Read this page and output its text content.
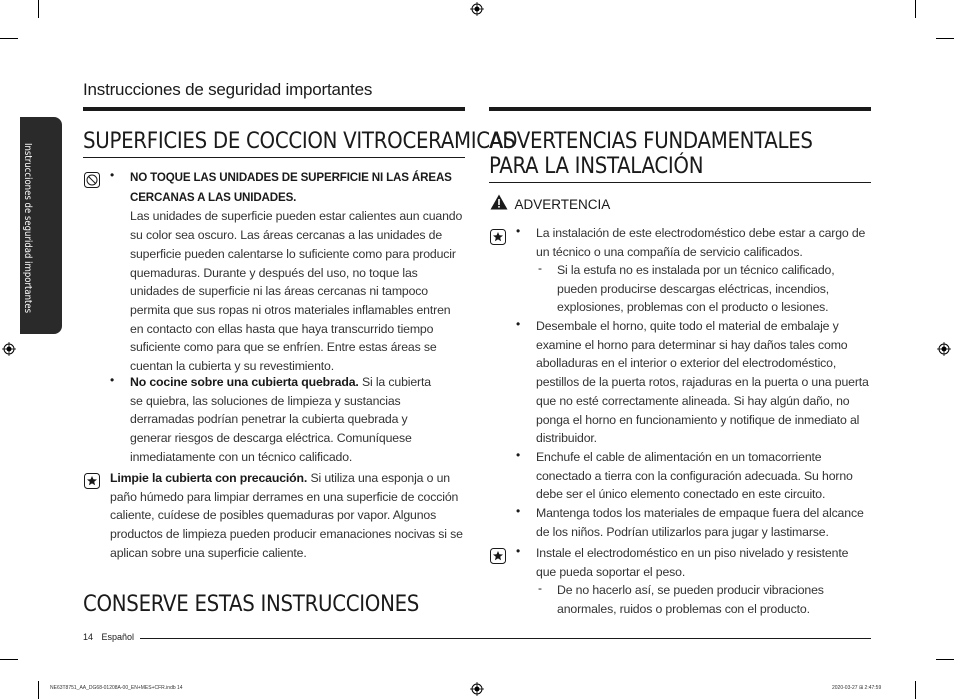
Instrucciones de seguridad importantes
Instrucciones de seguridad importantes
SUPERFICIES DE COCCION VITROCERAMICAS
• NO TOQUE LAS UNIDADES DE SUPERFICIE NI LAS ÁREAS CERCANAS A LAS UNIDADES.
Las unidades de superficie pueden estar calientes aun cuando su color sea oscuro. Las áreas cercanas a las unidades de superficie pueden calentarse lo suficiente como para producir quemaduras. Durante y después del uso, no toque las unidades de superficie ni las áreas cercanas ni tampoco permita que sus ropas ni otros materiales inflamables entren en contacto con ellas hasta que haya transcurrido tiempo suficiente como para que se enfríen. Entre estas áreas se cuentan la cubierta y su revestimiento.
• No cocine sobre una cubierta quebrada. Si la cubierta se quiebra, las soluciones de limpieza y sustancias derramadas podrían penetrar la cubierta quebrada y generar riesgos de descarga eléctrica. Comuníquese inmediatamente con un técnico calificado.
Limpie la cubierta con precaución. Si utiliza una esponja o un paño húmedo para limpiar derrames en una superficie de cocción caliente, cuídese de posibles quemaduras por vapor. Algunos productos de limpieza pueden producir emanaciones nocivas si se aplican sobre una superficie caliente.
CONSERVE ESTAS INSTRUCCIONES
ADVERTENCIAS FUNDAMENTALES
PARA LA INSTALACIÓN
ADVERTENCIA
• La instalación de este electrodoméstico debe estar a cargo de un técnico o una compañía de servicio calificados.
- Si la estufa no es instalada por un técnico calificado, pueden producirse descargas eléctricas, incendios, explosiones, problemas con el producto o lesiones.
• Desembale el horno, quite todo el material de embalaje y examine el horno para determinar si hay daños tales como abolladuras en el interior o exterior del electrodoméstico, pestillos de la puerta rotos, rajaduras en la puerta o una puerta que no esté correctamente alineada. Si hay algún daño, no ponga el horno en funcionamiento y notifique de inmediato al distribuidor.
• Enchufe el cable de alimentación en un tomacorriente conectado a tierra con la configuración adecuada. Su horno debe ser el único elemento conectado en este circuito.
• Mantenga todos los materiales de empaque fuera del alcance de los niños. Podrían utilizarlos para jugar y lastimarse.
• Instale el electrodoméstico en un piso nivelado y resistente que pueda soportar el peso.
- De no hacerlo así, se pueden producir vibraciones anormales, ruidos o problemas con el producto.
14 Español
NE63T8751_AA_DG68-01208A-00_EN+MES+CFR.indb 14	2020-03-27 ⊞ 2:47:59
